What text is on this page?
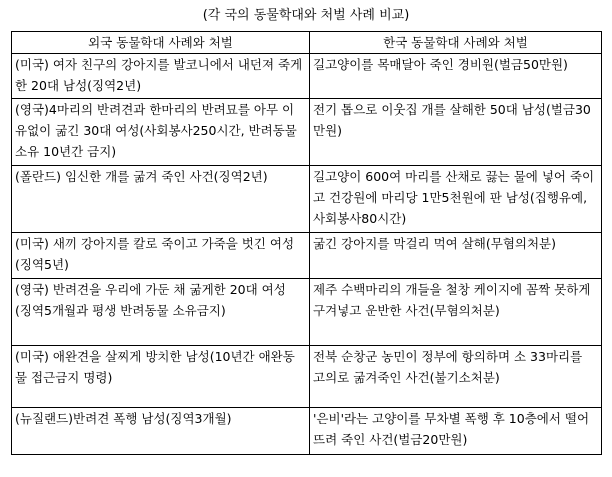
(각 국의 동물학대와 처벌 사례 비교)
외국 동물학대 사례와 처벌	한국 동물학대 사례와 처벌
(미국) 여자 친구의 강아지를 발코니에서 내던져 죽게 한 20대 남성(징역2년)	길고양이를 목매달아 죽인 경비원(벌금50만원)
(영국)4마리의 반려견과 한마리의 반려묘를 아무 이유없이 굶긴 30대 여성(사회봉사250시간, 반려동물 소유 10년간 금지)	전기 톱으로 이웃집 개를 살해한 50대 남성(벌금30만원)
(폴란드) 임신한 개를 굶겨 죽인 사건(징역2년)	길고양이 600여 마리를 산채로 끓는 물에 넣어 죽이고 건강원에 마리당 1만5천원에 판 남성(집행유예, 사회봉사80시간)
(미국) 새끼 강아지를 칼로 죽이고 가죽을 벗긴 여성(징역5년)	굶긴 강아지를 막걸리 먹여 살해(무혐의처분)
(영국) 반려견을 우리에 가둔 채 굶게한 20대 여성 (징역5개월과 평생 반려동물 소유금지)	제주 수백마리의 개들을 철창 케이지에 꼼짝 못하게 구겨넣고 운반한 사건(무혐의처분)
(미국) 애완견을 살찌게 방치한 남성(10년간 애완동물 접근금지 명령)	전북 순창군 농민이 정부에 항의하며 소 33마리를 고의로 굶겨죽인 사건(불기소처분)
(뉴질랜드)반려견 폭행 남성(징역3개월)	'은비'라는 고양이를 무차별 폭행 후 10층에서 떨어뜨려 죽인 사건(벌금20만원)
